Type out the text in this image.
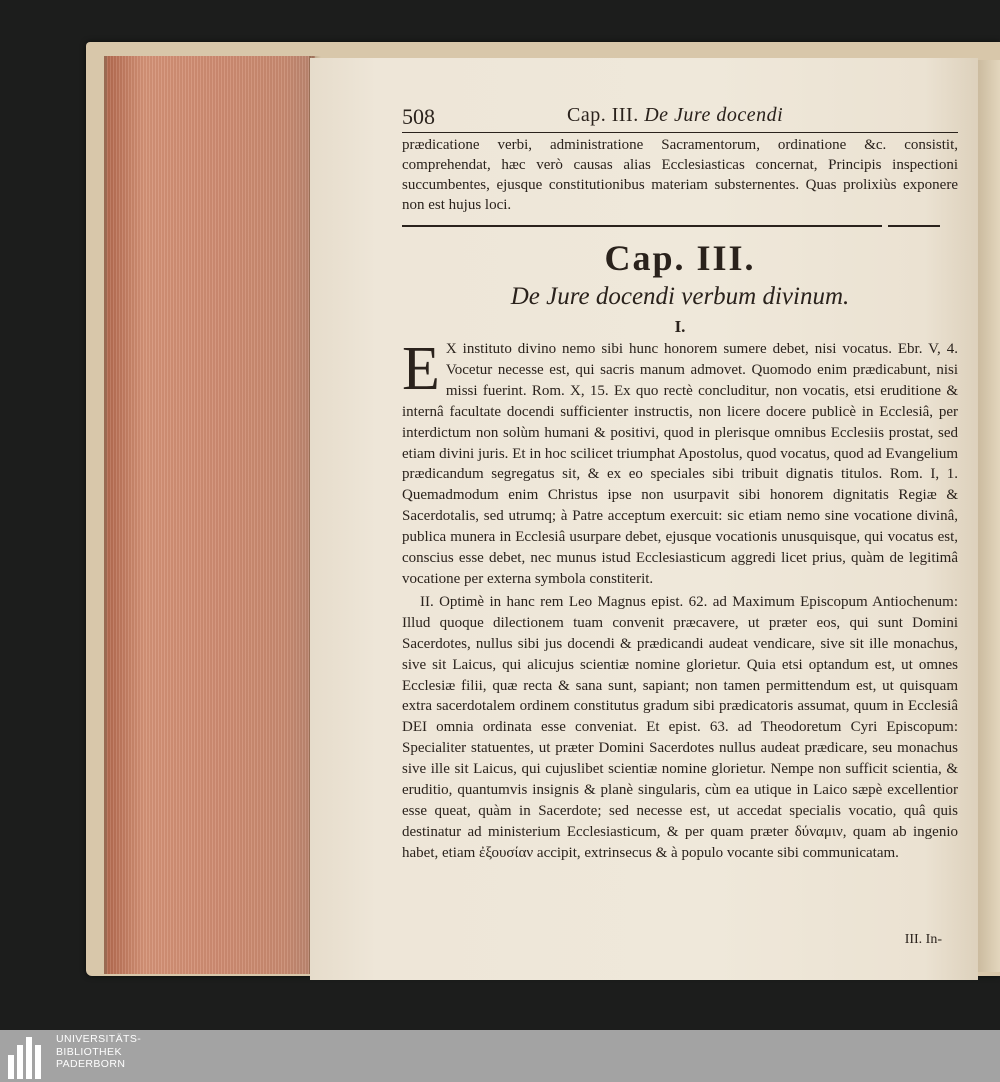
III. In-
508	Cap. III. De Jure docendi
prædicatione verbi, administratione Sacramentorum, ordinatione &c. consistit, comprehendat, hæc verò causas alias Ecclesiasticas concernat, Principis inspectioni succumbentes, ejusque constitutionibus materiam substernentes. Quas prolixiùs exponere non est hujus loci.
Cap. III.
De Jure docendi verbum divinum.
I.
E X instituto divino nemo sibi hunc honorem sumere debet, nisi vocatus. Ebr. V, 4. Vocetur necesse est, qui sacris manum admovet. Quomodo enim prædicabunt, nisi missi fuerint. Rom. X, 15. Ex quo rectè concluditur, non vocatis, etsi eruditione & internâ facultate docendi sufficienter instructis, non licere docere publicè in Ecclesiâ, per interdictum non solùm humani & positivi, quod in plerisque omnibus Ecclesiis prostat, sed etiam divini juris. Et in hoc scilicet triumphat Apostolus, quod vocatus, quod ad Evangelium prædicandum segregatus sit, & ex eo speciales sibi tribuit dignatis titulos. Rom. I, 1. Quemadmodum enim Christus ipse non usurpavit sibi honorem dignitatis Regiæ & Sacerdotalis, sed utrumq; à Patre acceptum exercuit: sic etiam nemo sine vocatione divinâ, publica munera in Ecclesiâ usurpare debet, ejusque vocationis unusquisque, qui vocatus est, conscius esse debet, nec munus istud Ecclesiasticum aggredi licet prius, quàm de legitimâ vocatione per externa symbola constiterit.
II. Optimè in hanc rem Leo Magnus epist. 62. ad Maximum Episcopum Antiochenum: Illud quoque dilectionem tuam convenit præcavere, ut præter eos, qui sunt Domini Sacerdotes, nullus sibi jus docendi & prædicandi audeat vendicare, sive sit ille monachus, sive sit Laicus, qui alicujus scientiæ nomine glorietur. Quia etsi optandum est, ut omnes Ecclesiæ filii, quæ recta & sana sunt, sapiant; non tamen permittendum est, ut quisquam extra sacerdotalem ordinem constitutus gradum sibi prædicatoris assumat, quum in Ecclesiâ DEI omnia ordinata esse conveniat. Et epist. 63. ad Theodoretum Cyri Episcopum: Specialiter statuentes, ut præter Domini Sacerdotes nullus audeat prædicare, seu monachus sive ille sit Laicus, qui cujuslibet scientiæ nomine glorietur. Nempe non sufficit scientia, & eruditio, quantumvis insignis & planè singularis, cùm ea utique in Laico sæpè excellentior esse queat, quàm in Sacerdote; sed necesse est, ut accedat specialis vocatio, quâ quis destinatur ad ministerium Ecclesiasticum, & per quam præter δύναμιν, quam ab ingenio habet, etiam ἐξουσίαν accipit, extrinsecus & à populo vocante sibi communicatam.
UNIVERSITÄTS-
BIBLIOTHEK
PADERBORN
